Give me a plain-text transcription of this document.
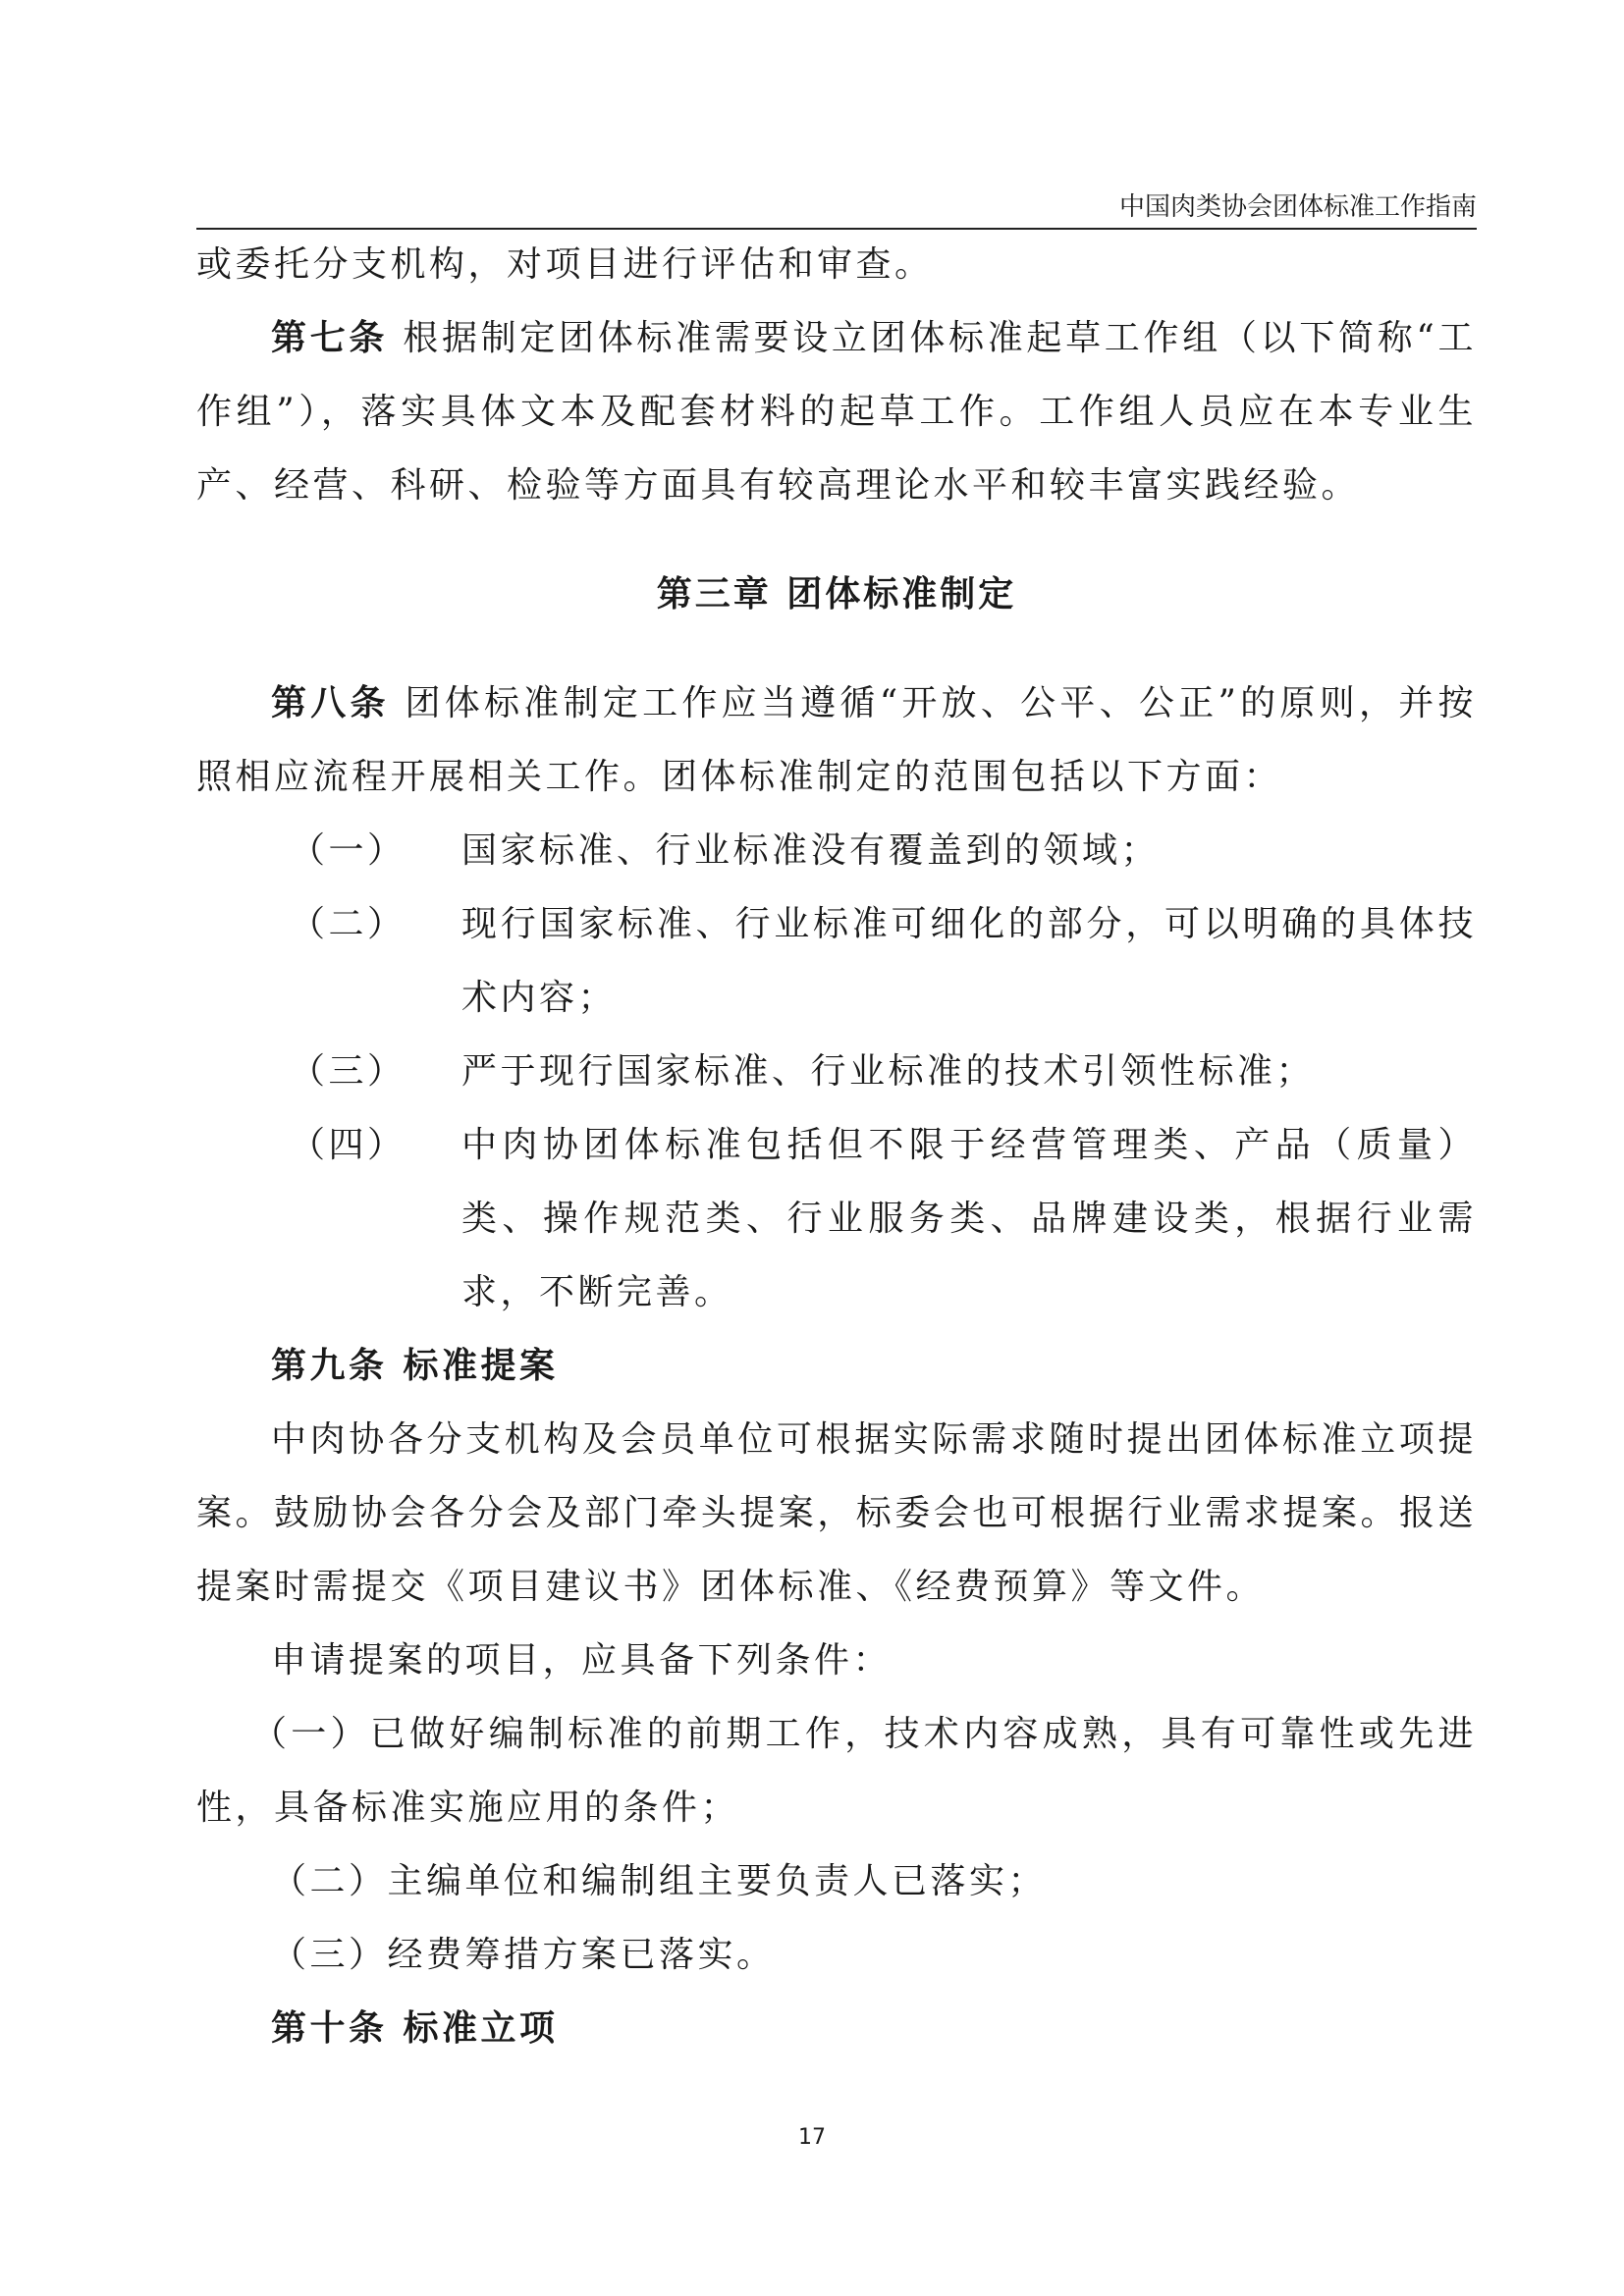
中国肉类协会团体标准工作指南

或委托分支机构，对项目进行评估和审查。

第七条 根据制定团体标准需要设立团体标准起草工作组（以下简称“工作组”），落实具体文本及配套材料的起草工作。工作组人员应在本专业生产、经营、科研、检验等方面具有较高理论水平和较丰富实践经验。

第三章 团体标准制定

第八条 团体标准制定工作应当遵循“开放、公平、公正”的原则，并按照相应流程开展相关工作。团体标准制定的范围包括以下方面：

（一）	国家标准、行业标准没有覆盖到的领域；
（二）	现行国家标准、行业标准可细化的部分，可以明确的具体技术内容；
（三）	严于现行国家标准、行业标准的技术引领性标准；
（四）	中肉协团体标准包括但不限于经营管理类、产品（质量）类、操作规范类、行业服务类、品牌建设类，根据行业需求，不断完善。

第九条 标准提案

中肉协各分支机构及会员单位可根据实际需求随时提出团体标准立项提案。鼓励协会各分会及部门牵头提案，标委会也可根据行业需求提案。报送提案时需提交《项目建议书》团体标准、《经费预算》等文件。

申请提案的项目，应具备下列条件：

（一）已做好编制标准的前期工作，技术内容成熟，具有可靠性或先进性，具备标准实施应用的条件；

（二）主编单位和编制组主要负责人已落实；

（三）经费筹措方案已落实。

第十条 标准立项

17
